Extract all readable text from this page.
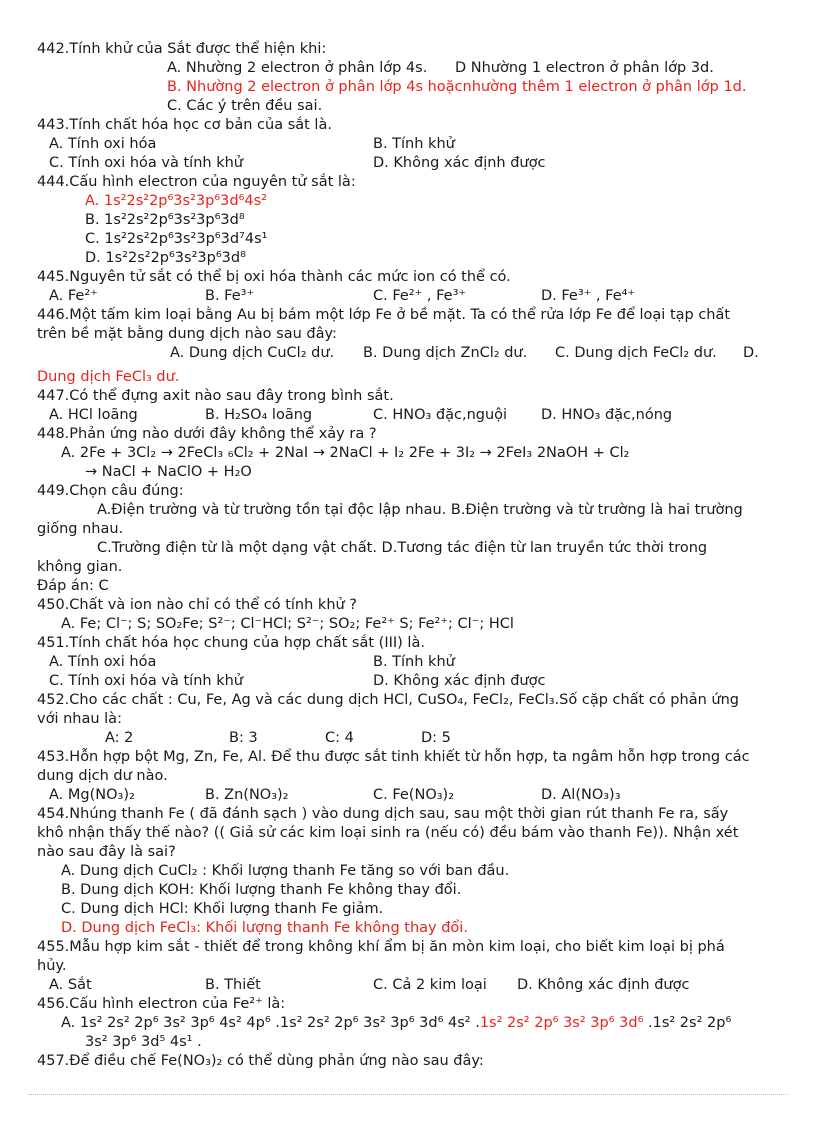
442.Tính khử của Sắt được thể hiện khi:
A. Nhường 2 electron ở phân lớp 4s. D Nhường 1 electron ở phân lớp 3d.
B. Nhường 2 electron ở phân lớp 4s hoặcnhường thêm 1 electron ở phân lớp 1d.
C. Các ý trên đều sai.
443.Tính chất hóa học cơ bản của sắt là.
A. Tính oxi hóa	B. Tính khử
C. Tính oxi hóa và tính khử	D. Không xác định được
444.Cấu hình electron của nguyên tử sắt là:
A. 1s²2s²2p⁶3s²3p⁶3d⁶4s²
B. 1s²2s²2p⁶3s²3p⁶3d⁸
C. 1s²2s²2p⁶3s²3p⁶3d⁷4s¹
D. 1s²2s²2p⁶3s²3p⁶3d⁸
445.Nguyên tử sắt có thể bị oxi hóa thành các mức ion có thể có.
A. Fe²⁺	B. Fe³⁺	C. Fe²⁺ , Fe³⁺	D. Fe³⁺ , Fe⁴⁺
446.Một tấm kim loại bằng Au bị bám một lớp Fe ở bề mặt. Ta có thể rửa lớp Fe để loại tạp chất
trên bề mặt bằng dung dịch nào sau đây:
A. Dung dịch CuCl₂ dư. B. Dung dịch ZnCl₂ dư. C. Dung dịch FeCl₂ dư. D.
Dung dịch FeCl₃ dư.
447.Có thể đựng axit nào sau đây trong bình sắt.
A. HCl loãng	B. H₂SO₄ loãng	C. HNO₃ đặc,nguội D. HNO₃ đặc,nóng
448.Phản ứng nào dưới đây không thể xảy ra ?
A. 2Fe + 3Cl₂ → 2FeCl₃ ₆Cl₂ + 2NaI → 2NaCl + I₂ 2Fe + 3I₂ → 2FeI₃ 2NaOH + Cl₂
→ NaCl + NaClO + H₂O
449.Chọn câu đúng:
A.Điện trường và từ trường tồn tại độc lập nhau. B.Điện trường và từ trường là hai trường
giống nhau.
C.Trường điện từ là một dạng vật chất. D.Tương tác điện từ lan truyền tức thời trong
không gian.
Đáp án: C
450.Chất và ion nào chỉ có thể có tính khử ?
A. Fe; Cl⁻; S; SO₂Fe; S²⁻; Cl⁻HCl; S²⁻; SO₂; Fe²⁺ S; Fe²⁺; Cl⁻; HCl
451.Tính chất hóa học chung của hợp chất sắt (III) là.
A. Tính oxi hóa	B. Tính khử
C. Tính oxi hóa và tính khử	D. Không xác định được
452.Cho các chất : Cu, Fe, Ag và các dung dịch HCl, CuSO₄, FeCl₂, FeCl₃.Số cặp chất có phản ứng
với nhau là:
A: 2	B: 3	C: 4	D: 5
453.Hỗn hợp bột Mg, Zn, Fe, Al. Để thu được sắt tinh khiết từ hỗn hợp, ta ngâm hỗn hợp trong các
dung dịch dư nào.
A. Mg(NO₃)₂	B. Zn(NO₃)₂	C. Fe(NO₃)₂	D. Al(NO₃)₃
454.Nhúng thanh Fe ( đã đánh sạch ) vào dung dịch sau, sau một thời gian rút thanh Fe ra, sấy
khô nhận thấy thế nào? (( Giả sử các kim loại sinh ra (nếu có) đều bám vào thanh Fe)). Nhận xét
nào sau đây là sai?
A. Dung dịch CuCl₂ : Khối lượng thanh Fe tăng so với ban đầu.
B. Dung dịch KOH: Khối lượng thanh Fe không thay đổi.
C. Dung dịch HCl: Khối lượng thanh Fe giảm.
D. Dung dịch FeCl₃: Khối lượng thanh Fe không thay đổi.
455.Mẫu hợp kim sắt - thiết để trong không khí ẩm bị ăn mòn kim loại, cho biết kim loại bị phá
hủy.
A. Sắt	B. Thiết	C. Cả 2 kim loại D. Không xác định được
456.Cấu hình electron của Fe²⁺ là:
A. 1s² 2s² 2p⁶ 3s² 3p⁶ 4s² 4p⁶ .1s² 2s² 2p⁶ 3s² 3p⁶ 3d⁶ 4s² .1s² 2s² 2p⁶ 3s² 3p⁶ 3d⁶ .1s² 2s² 2p⁶
3s² 3p⁶ 3d⁵ 4s¹ .
457.Để điều chế Fe(NO₃)₂ có thể dùng phản ứng nào sau đây:
